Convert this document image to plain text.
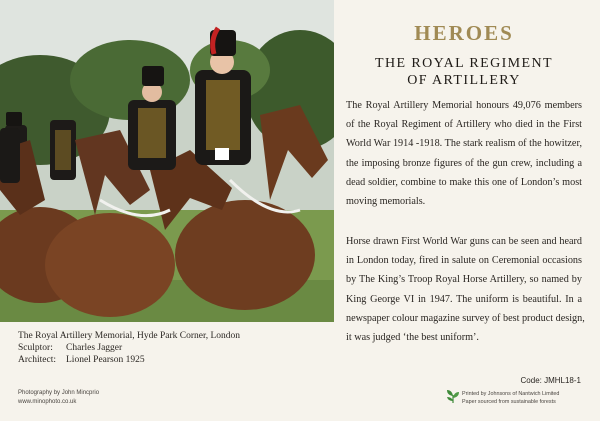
The Royal Artillery Memorial, Hyde Park Corner, London
Sculptor: Charles Jagger
Architect: Lionel Pearson 1925
Photography by John Mincprio
www.minophoto.co.uk
HEROES
THE ROYAL REGIMENT
OF ARTILLERY
The Royal Artillery Memorial honours 49,076 members
of the Royal Regiment of Artillery who died in the First
World War 1914 -1918. The stark realism of the howitzer,
the imposing bronze figures of the gun crew, including a
dead soldier, combine to make this one of London’s most
moving memorials.
Horse drawn First World War guns can be seen and heard
in London today, fired in salute on Ceremonial occasions
by The King’s Troop Royal Horse Artillery, so named by
King George VI in 1947. The uniform is beautiful. In a
newspaper colour magazine survey of best product design,
it was judged ‘the best uniform’.
Code: JMHL18-1
Printed by Johnsons of Nantwich Limited
Paper sourced from sustainable forests
